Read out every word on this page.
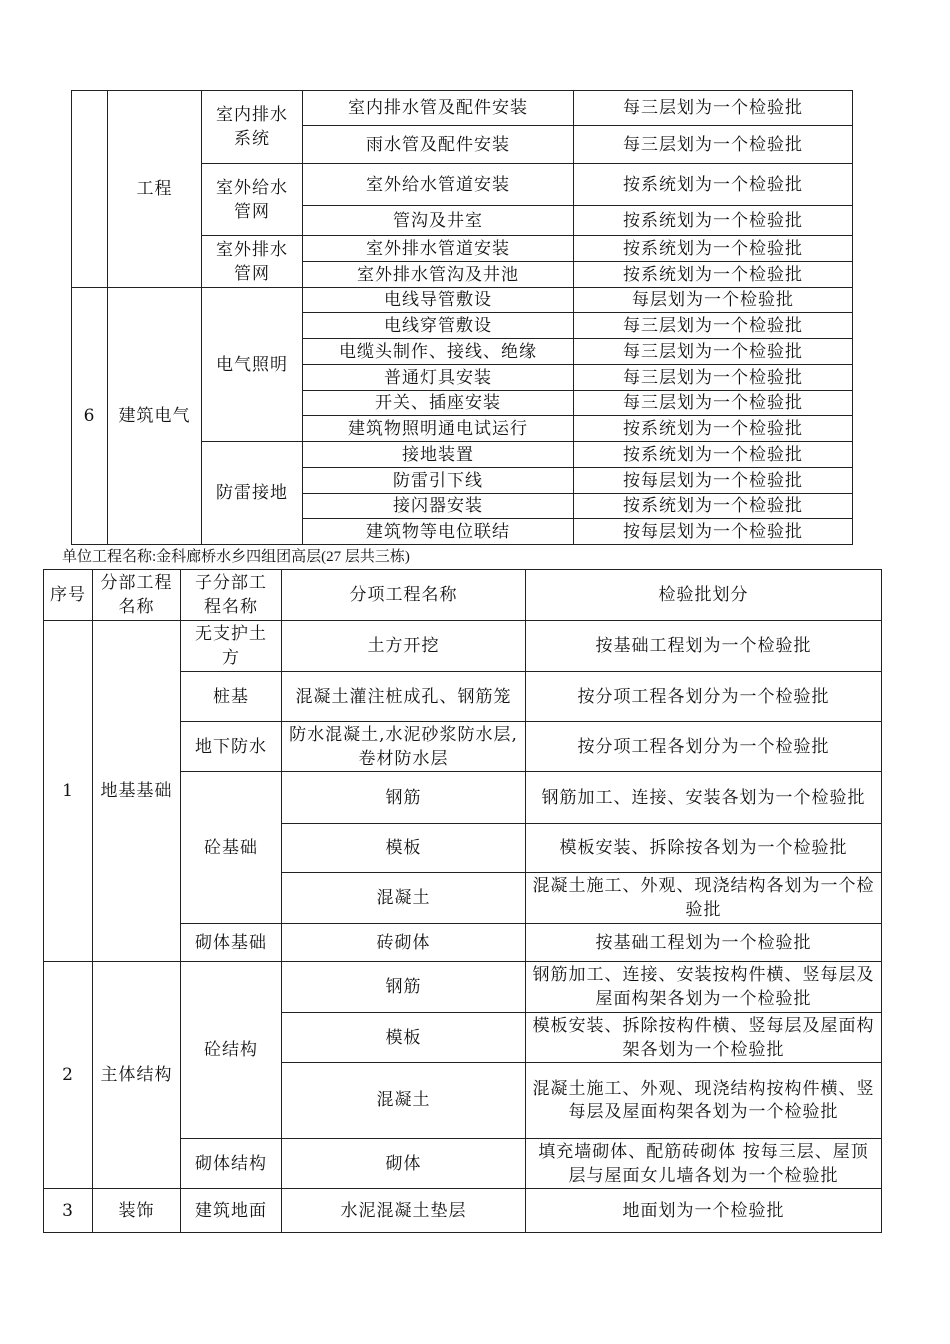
	工程	室内排水系统	室内排水管及配件安装	每三层划为一个检验批
			雨水管及配件安装	每三层划为一个检验批
		室外给水管网	室外给水管道安装	按系统划为一个检验批
			管沟及井室	按系统划为一个检验批
		室外排水管网	室外排水管道安装	按系统划为一个检验批
			室外排水管沟及井池	按系统划为一个检验批
6	建筑电气	电气照明	电线导管敷设	每层划为一个检验批
			电线穿管敷设	每三层划为一个检验批
			电缆头制作、接线、绝缘	每三层划为一个检验批
			普通灯具安装	每三层划为一个检验批
			开关、插座安装	每三层划为一个检验批
			建筑物照明通电试运行	按系统划为一个检验批
		防雷接地	接地装置	按系统划为一个检验批
			防雷引下线	按每层划为一个检验批
			接闪器安装	按系统划为一个检验批
			建筑物等电位联结	按每层划为一个检验批
单位工程名称:金科廊桥水乡四组团高层(27 层共三栋)
序号	分部工程名称	子分部工程名称	分项工程名称	检验批划分
1	地基基础	无支护土方	土方开挖	按基础工程划为一个检验批
		桩基	混凝土灌注桩成孔、钢筋笼	按分项工程各划分为一个检验批
		地下防水	防水混凝土,水泥砂浆防水层,卷材防水层	按分项工程各划分为一个检验批
		砼基础	钢筋	钢筋加工、连接、安装各划为一个检验批
			模板	模板安装、拆除按各划为一个检验批
			混凝土	混凝土施工、外观、现浇结构各划为一个检验批
		砌体基础	砖砌体	按基础工程划为一个检验批
2	主体结构	砼结构	钢筋	钢筋加工、连接、安装按构件横、竖每层及屋面构架各划为一个检验批
			模板	模板安装、拆除按构件横、竖每层及屋面构架各划为一个检验批
			混凝土	混凝土施工、外观、现浇结构按构件横、竖每层及屋面构架各划为一个检验批
		砌体结构	砌体	填充墙砌体、配筋砖砌体 按每三层、屋顶层与屋面女儿墙各划为一个检验批
3	装饰	建筑地面	水泥混凝土垫层	地面划为一个检验批
